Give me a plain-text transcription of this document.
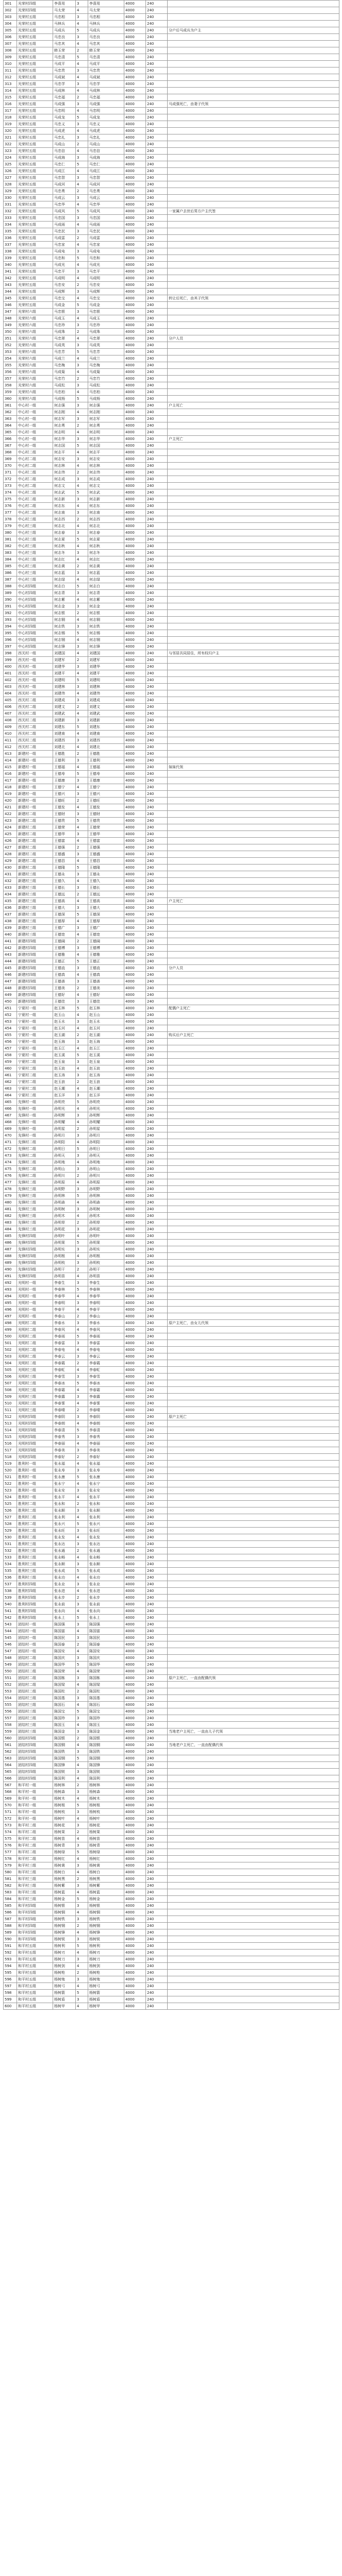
301	光荣村四组	李喜用	3	李喜用	4000	240	
302	光荣村四组	马太荣	4	马太荣	4000	240	
303	光荣村五组	马忠相	3	马忠相	4000	240	
304	光荣村五组	马林兵	4	马林兵	4000	240	
305	光荣村五组	马成兵	5	马成兵	4000	240	分户后马成兵为户主
306	光荣村五组	马忠良	3	马忠良	4000	240	
307	光荣村五组	马忠其	4	马忠其	4000	240	
308	光荣村五组	韩玉荣	2	韩玉荣	4000	240	
309	光荣村五组	马忠清	5	马忠清	4000	240	
310	光荣村五组	马成平	4	马成平	4000	240	
311	光荣村五组	马忠贵	3	马忠贵	4000	240	
312	光荣村五组	马成斌	4	马成斌	4000	240	
313	光荣村五组	马忠学	3	马忠学	4000	240	
314	光荣村五组	马成林	4	马成林	4000	240	
315	光荣村五组	马忠福	2	马忠福	4000	240	
316	光荣村五组	马成强	3	马成强	4000	240	马成强死亡，由妻子代领
317	光荣村五组	马忠明	4	马忠明	4000	240	
318	光荣村五组	马成龙	5	马成龙	4000	240	
319	光荣村五组	马忠义	3	马忠义	4000	240	
320	光荣村五组	马成虎	4	马成虎	4000	240	
321	光荣村五组	马忠礼	3	马忠礼	4000	240	
322	光荣村五组	马成山	2	马成山	4000	240	
323	光荣村五组	马忠信	4	马忠信	4000	240	
324	光荣村五组	马成海	3	马成海	4000	240	
325	光荣村五组	马忠仁	5	马忠仁	4000	240	
326	光荣村五组	马成江	4	马成江	4000	240	
327	光荣村五组	马忠智	3	马忠智	4000	240	
328	光荣村五组	马成河	4	马成河	4000	240	
329	光荣村五组	马忠勇	2	马忠勇	4000	240	
330	光荣村五组	马成云	3	马成云	4000	240	
331	光荣村五组	马忠华	4	马忠华	4000	240	
332	光荣村五组	马成风	5	马成风	4000	240	一家属户去世后男方户主代签
333	光荣村五组	马忠国	3	马忠国	4000	240	
334	光荣村五组	马成雨	4	马成雨	4000	240	
335	光荣村五组	马忠民	3	马忠民	4000	240	
336	光荣村五组	马成雷	2	马成雷	4000	240	
337	光荣村五组	马忠家	4	马忠家	4000	240	
338	光荣村五组	马成电	3	马成电	4000	240	
339	光荣村五组	马忠和	5	马忠和	4000	240	
340	光荣村五组	马成光	4	马成光	4000	240	
341	光荣村五组	马忠平	3	马忠平	4000	240	
342	光荣村五组	马成明	4	马成明	4000	240	
343	光荣村五组	马忠安	2	马忠安	4000	240	
344	光荣村五组	马成辉	3	马成辉	4000	240	
345	光荣村五组	马忠宝	4	马忠宝	4000	240	转让后死亡，由其子代领
346	光荣村五组	马成金	5	马成金	4000	240	
347	光荣村六组	马忠银	3	马忠银	4000	240	
348	光荣村六组	马成玉	4	马成玉	4000	240	
349	光荣村六组	马忠珍	3	马忠珍	4000	240	
350	光荣村六组	马成珠	2	马成珠	4000	240	
351	光荣村六组	马忠翠	4	马忠翠	4000	240	分户人员
352	光荣村六组	马成英	3	马成英	4000	240	
353	光荣村六组	马忠芳	5	马忠芳	4000	240	
354	光荣村六组	马成兰	4	马成兰	4000	240	
355	光荣村六组	马忠梅	3	马忠梅	4000	240	
356	光荣村六组	马成菊	4	马成菊	4000	240	
357	光荣村六组	马忠竹	2	马忠竹	4000	240	
358	光荣村六组	马成松	3	马成松	4000	240	
359	光荣村六组	马忠柏	4	马忠柏	4000	240	
360	光荣村六组	马成杨	5	马成杨	4000	240	
361	中心村一组	何志强	3	何志强	4000	240	户主死亡
362	中心村一组	何志刚	4	何志刚	4000	240	
363	中心村一组	何志军	3	何志军	4000	240	
364	中心村一组	何志勇	2	何志勇	4000	240	
365	中心村一组	何志明	4	何志明	4000	240	
366	中心村一组	何志华	3	何志华	4000	240	户主死亡
367	中心村一组	何志国	5	何志国	4000	240	
368	中心村二组	何志平	4	何志平	4000	240	
369	中心村二组	何志安	3	何志安	4000	240	
370	中心村二组	何志林	4	何志林	4000	240	
371	中心村二组	何志伟	2	何志伟	4000	240	
372	中心村二组	何志成	3	何志成	4000	240	
373	中心村二组	何志文	4	何志文	4000	240	
374	中心村二组	何志武	5	何志武	4000	240	
375	中心村二组	何志新	3	何志新	4000	240	
376	中心村二组	何志东	4	何志东	4000	240	
377	中心村二组	何志南	3	何志南	4000	240	
378	中心村三组	何志西	2	何志西	4000	240	
379	中心村三组	何志北	4	何志北	4000	240	
380	中心村三组	何志春	3	何志春	4000	240	
381	中心村三组	何志夏	5	何志夏	4000	240	
382	中心村三组	何志秋	4	何志秋	4000	240	
383	中心村三组	何志冬	3	何志冬	4000	240	
384	中心村三组	何志红	4	何志红	4000	240	
385	中心村三组	何志黄	2	何志黄	4000	240	
386	中心村三组	何志蓝	3	何志蓝	4000	240	
387	中心村三组	何志绿	4	何志绿	4000	240	
388	中心村四组	何志白	5	何志白	4000	240	
389	中心村四组	何志青	3	何志青	4000	240	
390	中心村四组	何志紫	4	何志紫	4000	240	
391	中心村四组	何志金	3	何志金	4000	240	
392	中心村四组	何志银	2	何志银	4000	240	
393	中心村四组	何志铜	4	何志铜	4000	240	
394	中心村四组	何志铁	3	何志铁	4000	240	
395	中心村四组	何志锡	5	何志锡	4000	240	
396	中心村四组	何志钢	4	何志钢	4000	240	
397	中心村四组	何志锋	3	何志锋	4000	240	
398	西关村一组	刘建国	4	刘建国	4000	240	与邻居共同居住，所有权归户主
399	西关村一组	刘建军	2	刘建军	4000	240	
400	西关村一组	刘建华	3	刘建华	4000	240	
401	西关村一组	刘建平	4	刘建平	4000	240	
402	西关村一组	刘建明	5	刘建明	4000	240	
403	西关村一组	刘建林	3	刘建林	4000	240	
404	西关村一组	刘建伟	4	刘建伟	4000	240	
405	西关村二组	刘建成	3	刘建成	4000	240	
406	西关村二组	刘建文	2	刘建文	4000	240	
407	西关村二组	刘建武	4	刘建武	4000	240	
408	西关村二组	刘建新	3	刘建新	4000	240	
409	西关村二组	刘建东	5	刘建东	4000	240	
410	西关村二组	刘建南	4	刘建南	4000	240	
411	西关村二组	刘建西	3	刘建西	4000	240	
412	西关村二组	刘建北	4	刘建北	4000	240	
413	新建村一组	王德胜	2	王德胜	4000	240	
414	新建村一组	王德利	3	王德利	4000	240	
415	新建村一组	王德福	4	王德福	4000	240	妹妹代领
416	新建村一组	王德寿	5	王德寿	4000	240	
417	新建村一组	王德康	3	王德康	4000	240	
418	新建村一组	王德宁	4	王德宁	4000	240	
419	新建村一组	王德兴	3	王德兴	4000	240	
420	新建村一组	王德旺	2	王德旺	4000	240	
421	新建村一组	王德发	4	王德发	4000	240	
422	新建村二组	王德财	3	王德财	4000	240	
423	新建村二组	王德贵	5	王德贵	4000	240	
424	新建村二组	王德荣	4	王德荣	4000	240	
425	新建村二组	王德华	3	王德华	4000	240	
426	新建村二组	王德富	4	王德富	4000	240	
427	新建村二组	王德强	2	王德强	4000	240	
428	新建村二组	王德盛	3	王德盛	4000	240	
429	新建村二组	王德昌	4	王德昌	4000	240	
430	新建村二组	王德隆	5	王德隆	4000	240	
431	新建村三组	王德永	3	王德永	4000	240	
432	新建村三组	王德久	4	王德久	4000	240	
433	新建村三组	王德长	3	王德长	4000	240	
434	新建村三组	王德远	2	王德远	4000	240	
435	新建村三组	王德高	4	王德高	4000	240	户主死亡
436	新建村三组	王德大	3	王德大	4000	240	
437	新建村三组	王德深	5	王德深	4000	240	
438	新建村三组	王德厚	4	王德厚	4000	240	
439	新建村三组	王德广	3	王德广	4000	240	
440	新建村三组	王德宽	4	王德宽	4000	240	
441	新建村四组	王德阔	2	王德阔	4000	240	
442	新建村四组	王德博	3	王德博	4000	240	
443	新建村四组	王德雅	4	王德雅	4000	240	
444	新建村四组	王德正	5	王德正	4000	240	
445	新建村四组	王德直	3	王德直	4000	240	分户人员
446	新建村四组	王德真	4	王德真	4000	240	
447	新建村四组	王德善	3	王德善	4000	240	
448	新建村四组	王德美	2	王德美	4000	240	
449	新建村四组	王德好	4	王德好	4000	240	
450	新建村四组	王德佳	3	王德佳	4000	240	
451	宁夏村一组	赵玉林	5	赵玉林	4000	240	配偶户主死亡
452	宁夏村一组	赵玉山	4	赵玉山	4000	240	
453	宁夏村一组	赵玉水	3	赵玉水	4000	240	
454	宁夏村一组	赵玉河	4	赵玉河	4000	240	
455	宁夏村一组	赵玉湖	2	赵玉湖	4000	240	购买后户主死亡
456	宁夏村一组	赵玉海	3	赵玉海	4000	240	
457	宁夏村一组	赵玉江	4	赵玉江	4000	240	
458	宁夏村一组	赵玉溪	5	赵玉溪	4000	240	
459	宁夏村二组	赵玉泉	3	赵玉泉	4000	240	
460	宁夏村二组	赵玉波	4	赵玉波	4000	240	
461	宁夏村二组	赵玉涛	3	赵玉涛	4000	240	
462	宁夏村二组	赵玉浪	2	赵玉浪	4000	240	
463	宁夏村二组	赵玉潮	4	赵玉潮	4000	240	
464	宁夏村二组	赵玉洋	3	赵玉洋	4000	240	
465	先锋村一组	孙明亮	5	孙明亮	4000	240	
466	先锋村一组	孙明光	4	孙明光	4000	240	
467	先锋村一组	孙明辉	3	孙明辉	4000	240	
468	先锋村一组	孙明耀	4	孙明耀	4000	240	
469	先锋村一组	孙明星	2	孙明星	4000	240	
470	先锋村一组	孙明月	3	孙明月	4000	240	
471	先锋村二组	孙明阳	4	孙明阳	4000	240	
472	先锋村二组	孙明日	5	孙明日	4000	240	
473	先锋村二组	孙明天	3	孙明天	4000	240	
474	先锋村二组	孙明地	4	孙明地	4000	240	
475	先锋村二组	孙明山	3	孙明山	4000	240	
476	先锋村二组	孙明川	2	孙明川	4000	240	
477	先锋村二组	孙明原	4	孙明原	4000	240	
478	先锋村三组	孙明野	3	孙明野	4000	240	
479	先锋村三组	孙明林	5	孙明林	4000	240	
480	先锋村三组	孙明森	4	孙明森	4000	240	
481	先锋村三组	孙明树	3	孙明树	4000	240	
482	先锋村三组	孙明木	4	孙明木	4000	240	
483	先锋村三组	孙明草	2	孙明草	4000	240	
484	先锋村三组	孙明花	3	孙明花	4000	240	
485	先锋村四组	孙明叶	4	孙明叶	4000	240	
486	先锋村四组	孙明果	5	孙明果	4000	240	
487	先锋村四组	孙明实	3	孙明实	4000	240	
488	先锋村四组	孙明根	4	孙明根	4000	240	
489	先锋村四组	孙明枝	3	孙明枝	4000	240	
490	先锋村四组	孙明干	2	孙明干	4000	240	
491	先锋村四组	孙明苗	4	孙明苗	4000	240	
492	光明村一组	李春生	3	李春生	4000	240	
493	光明村一组	李春林	5	李春林	4000	240	
494	光明村一组	李春华	4	李春华	4000	240	
495	光明村一组	李春明	3	李春明	4000	240	
496	光明村一组	李春平	4	李春平	4000	240	
497	光明村一组	李春山	2	李春山	4000	240	
498	光明村二组	李春水	3	李春水	4000	240	原户主死亡，由女儿代领
499	光明村二组	李春风	4	李春风	4000	240	
500	光明村二组	李春雨	5	李春雨	4000	240	
501	光明村二组	李春雷	3	李春雷	4000	240	
502	光明村二组	李春电	4	李春电	4000	240	
503	光明村二组	李春云	3	李春云	4000	240	
504	光明村二组	李春霞	2	李春霞	4000	240	
505	光明村三组	李春虹	4	李春虹	4000	240	
506	光明村三组	李春雪	3	李春雪	4000	240	
507	光明村三组	李春冰	5	李春冰	4000	240	
508	光明村三组	李春霜	4	李春霜	4000	240	
509	光明村三组	李春露	3	李春露	4000	240	
510	光明村三组	李春雾	4	李春雾	4000	240	
511	光明村三组	李春晴	2	李春晴	4000	240	
512	光明村四组	李春阴	3	李春阴	4000	240	原户主死亡
513	光明村四组	李春朗	4	李春朗	4000	240	
514	光明村四组	李春清	5	李春清	4000	240	
515	光明村四组	李春秀	3	李春秀	4000	240	
516	光明村四组	李春丽	4	李春丽	4000	240	
517	光明村四组	李春美	3	李春美	4000	240	
518	光明村四组	李春好	2	李春好	4000	240	
519	胜利村一组	张永福	4	张永福	4000	240	
520	胜利村一组	张永寿	3	张永寿	4000	240	
521	胜利村一组	张永康	5	张永康	4000	240	
522	胜利村一组	张永宁	4	张永宁	4000	240	
523	胜利村一组	张永安	3	张永安	4000	240	
524	胜利村一组	张永平	4	张永平	4000	240	
525	胜利村二组	张永和	2	张永和	4000	240	
526	胜利村二组	张永顺	3	张永顺	4000	240	
527	胜利村二组	张永利	4	张永利	4000	240	
528	胜利村二组	张永兴	5	张永兴	4000	240	
529	胜利村二组	张永旺	3	张永旺	4000	240	
530	胜利村二组	张永发	4	张永发	4000	240	
531	胜利村三组	张永达	3	张永达	4000	240	
532	胜利村三组	张永通	2	张永通	4000	240	
533	胜利村三组	张永畅	4	张永畅	4000	240	
534	胜利村三组	张永顺	3	张永顺	4000	240	
535	胜利村三组	张永成	5	张永成	4000	240	
536	胜利村三组	张永功	4	张永功	4000	240	
537	胜利村四组	张永业	3	张永业	4000	240	
538	胜利村四组	张永进	4	张永进	4000	240	
539	胜利村四组	张永步	2	张永步	4000	240	
540	胜利村四组	张永前	3	张永前	4000	240	
541	胜利村四组	张永向	4	张永向	4000	240	
542	胜利村四组	张永上	5	张永上	4000	240	
543	团结村一组	陈国强	3	陈国强	4000	240	
544	团结村一组	陈国富	4	陈国富	4000	240	
545	团结村一组	陈国民	3	陈国民	4000	240	
546	团结村一组	陈国泰	2	陈国泰	4000	240	
547	团结村一组	陈国安	4	陈国安	4000	240	
548	团结村二组	陈国庆	3	陈国庆	4000	240	
549	团结村二组	陈国华	5	陈国华	4000	240	
550	团结村二组	陈国荣	4	陈国荣	4000	240	
551	团结村二组	陈国栋	3	陈国栋	4000	240	原户主死亡，一直由配偶代领
552	团结村二组	陈国梁	4	陈国梁	4000	240	
553	团结村二组	陈国柱	2	陈国柱	4000	240	
554	团结村三组	陈国基	3	陈国基	4000	240	
555	团结村三组	陈国石	4	陈国石	4000	240	
556	团结村三组	陈国宝	5	陈国宝	4000	240	
557	团结村三组	陈国珍	3	陈国珍	4000	240	
558	团结村三组	陈国玉	4	陈国玉	4000	240	
559	团结村三组	陈国金	3	陈国金	4000	240	当地老户主死亡，一直由儿子代领
560	团结村四组	陈国银	2	陈国银	4000	240	
561	团结村四组	陈国铜	4	陈国铜	4000	240	当地老户主死亡，一直由配偶代领
562	团结村四组	陈国铁	3	陈国铁	4000	240	
563	团结村四组	陈国钢	5	陈国钢	4000	240	
564	团结村四组	陈国锋	4	陈国锋	4000	240	
565	团结村四组	陈国锐	3	陈国锐	4000	240	
566	团结村四组	陈国利	4	陈国利	4000	240	
567	和平村一组	杨树林	2	杨树林	4000	240	
568	和平村一组	杨树森	3	杨树森	4000	240	
569	和平村一组	杨树木	4	杨树木	4000	240	
570	和平村一组	杨树根	5	杨树根	4000	240	
571	和平村一组	杨树枝	3	杨树枝	4000	240	
572	和平村一组	杨树叶	4	杨树叶	4000	240	
573	和平村二组	杨树花	3	杨树花	4000	240	
574	和平村二组	杨树果	2	杨树果	4000	240	
575	和平村二组	杨树苗	4	杨树苗	4000	240	
576	和平村二组	杨树青	3	杨树青	4000	240	
577	和平村二组	杨树绿	5	杨树绿	4000	240	
578	和平村二组	杨树红	4	杨树红	4000	240	
579	和平村三组	杨树黄	3	杨树黄	4000	240	
580	和平村三组	杨树白	4	杨树白	4000	240	
581	和平村三组	杨树黑	2	杨树黑	4000	240	
582	和平村三组	杨树紫	3	杨树紫	4000	240	
583	和平村三组	杨树蓝	4	杨树蓝	4000	240	
584	和平村三组	杨树金	5	杨树金	4000	240	
585	和平村四组	杨树银	3	杨树银	4000	240	
586	和平村四组	杨树铜	4	杨树铜	4000	240	
587	和平村四组	杨树铁	3	杨树铁	4000	240	
588	和平村四组	杨树钢	2	杨树钢	4000	240	
589	和平村四组	杨树锋	4	杨树锋	4000	240	
590	和平村四组	杨树锐	3	杨树锐	4000	240	
591	和平村五组	杨树利	5	杨树利	4000	240	
592	和平村五组	杨树刃	4	杨树刃	4000	240	
593	和平村五组	杨树刀	3	杨树刀	4000	240	
594	和平村五组	杨树剑	4	杨树剑	4000	240	
595	和平村五组	杨树枪	2	杨树枪	4000	240	
596	和平村五组	杨树炮	3	杨树炮	4000	240	
597	和平村五组	杨树弓	4	杨树弓	4000	240	
598	和平村五组	杨树箭	5	杨树箭	4000	240	
599	和平村五组	杨树盾	3	杨树盾	4000	240	
600	和平村五组	杨树甲	4	杨树甲	4000	240	
